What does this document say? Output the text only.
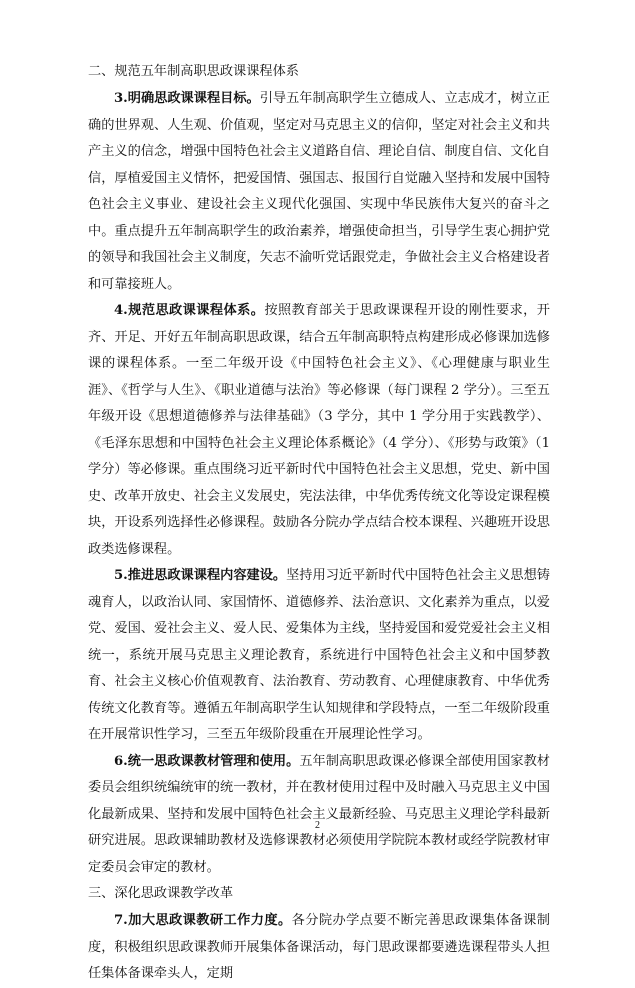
二、规范五年制高职思政课课程体系

3.明确思政课课程目标。引导五年制高职学生立德成人、立志成才，树立正确的世界观、人生观、价值观，坚定对马克思主义的信仰，坚定对社会主义和共产主义的信念，增强中国特色社会主义道路自信、理论自信、制度自信、文化自信，厚植爱国主义情怀，把爱国情、强国志、报国行自觉融入坚持和发展中国特色社会主义事业、建设社会主义现代化强国、实现中华民族伟大复兴的奋斗之中。重点提升五年制高职学生的政治素养，增强使命担当，引导学生衷心拥护党的领导和我国社会主义制度，矢志不渝听党话跟党走，争做社会主义合格建设者和可靠接班人。

4.规范思政课课程体系。按照教育部关于思政课课程开设的刚性要求，开齐、开足、开好五年制高职思政课，结合五年制高职特点构建形成必修课加选修课的课程体系。一至二年级开设《中国特色社会主义》、《心理健康与职业生涯》、《哲学与人生》、《职业道德与法治》等必修课（每门课程 2 学分）。三至五年级开设《思想道德修养与法律基础》（3 学分，其中 1 学分用于实践教学）、《毛泽东思想和中国特色社会主义理论体系概论》（4 学分）、《形势与政策》（1 学分）等必修课。重点围绕习近平新时代中国特色社会主义思想，党史、新中国史、改革开放史、社会主义发展史，宪法法律，中华优秀传统文化等设定课程模块，开设系列选择性必修课程。鼓励各分院办学点结合校本课程、兴趣班开设思政类选修课程。

5.推进思政课课程内容建设。坚持用习近平新时代中国特色社会主义思想铸魂育人，以政治认同、家国情怀、道德修养、法治意识、文化素养为重点，以爱党、爱国、爱社会主义、爱人民、爱集体为主线，坚持爱国和爱党爱社会主义相统一，系统开展马克思主义理论教育，系统进行中国特色社会主义和中国梦教育、社会主义核心价值观教育、法治教育、劳动教育、心理健康教育、中华优秀传统文化教育等。遵循五年制高职学生认知规律和学段特点，一至二年级阶段重在开展常识性学习，三至五年级阶段重在开展理论性学习。

6.统一思政课教材管理和使用。五年制高职思政课必修课全部使用国家教材委员会组织统编统审的统一教材，并在教材使用过程中及时融入马克思主义中国化最新成果、坚持和发展中国特色社会主义最新经验、马克思主义理论学科最新研究进展。思政课辅助教材及选修课教材必须使用学院院本教材或经学院教材审定委员会审定的教材。

三、深化思政课教学改革

7.加大思政课教研工作力度。各分院办学点要不断完善思政课集体备课制度，积极组织思政课教师开展集体备课活动，每门思政课都要遴选课程带头人担任集体备课牵头人，定期

2
